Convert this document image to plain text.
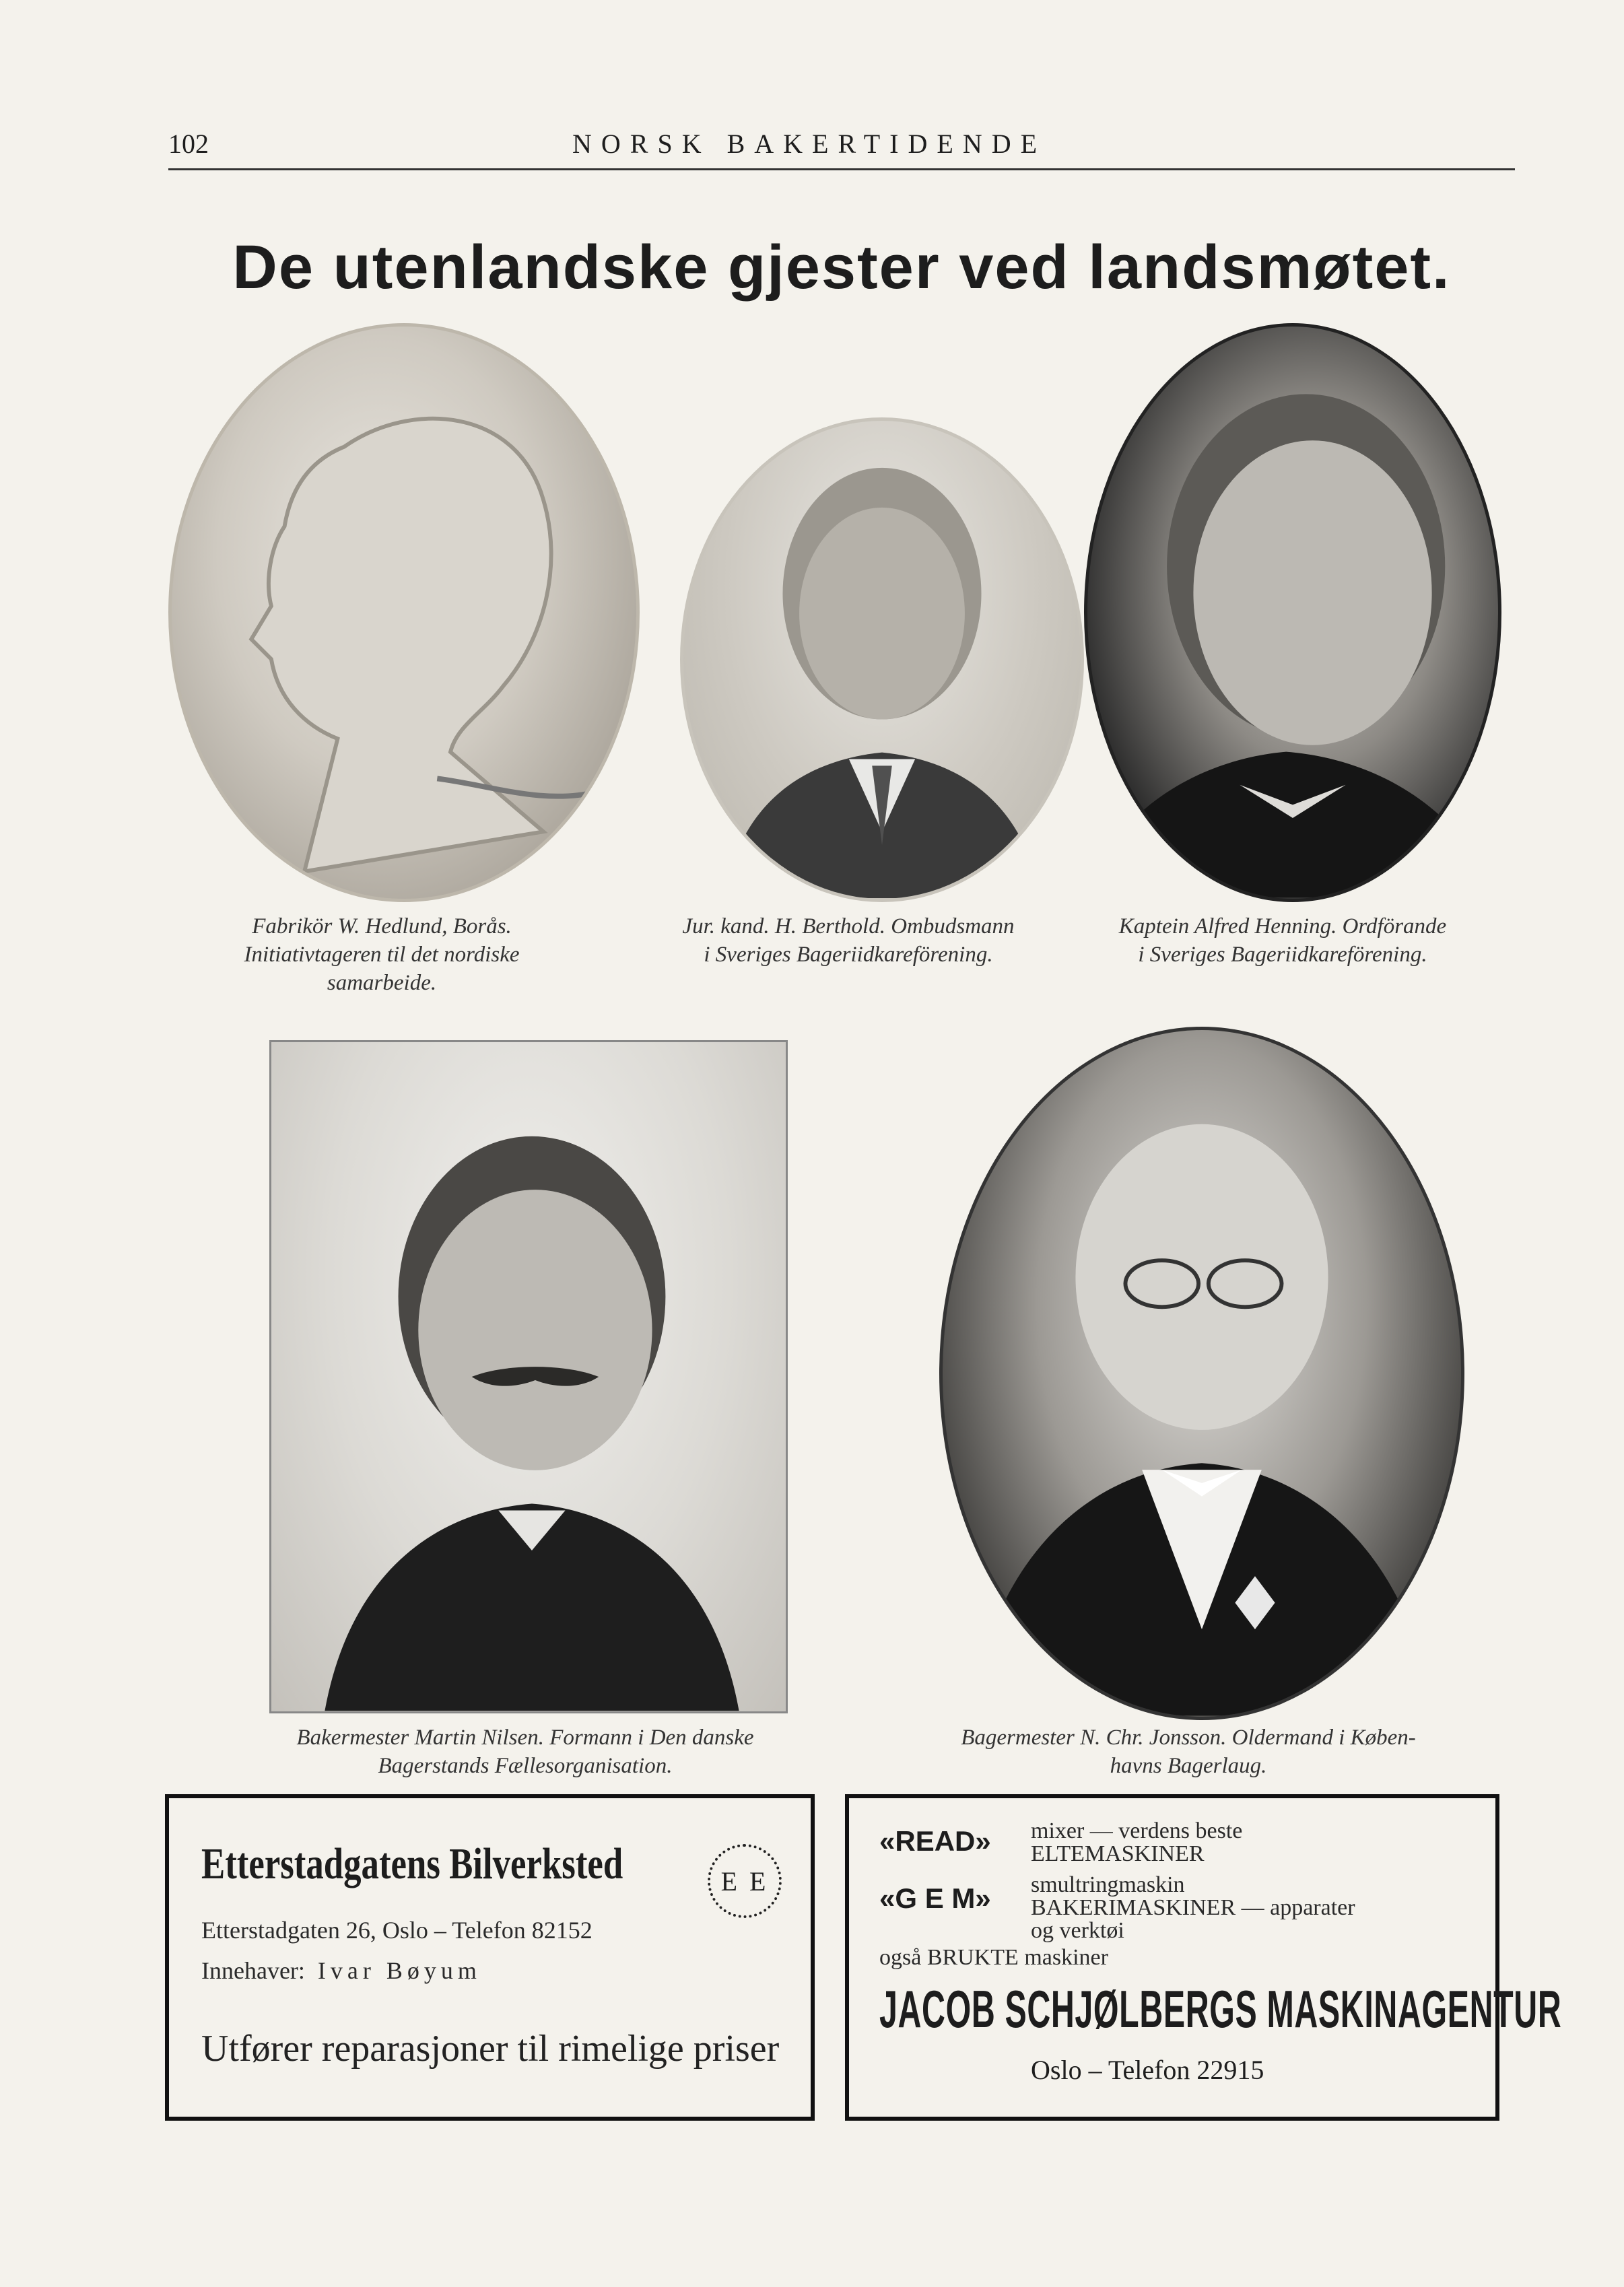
102	NORSK BAKERTIDENDE
De utenlandske gjester ved landsmøtet.
Fabrikör W. Hedlund, Borås.
Initiativtageren til det nordiske
samarbeide.
Jur. kand. H. Berthold. Ombudsmann
i Sveriges Bageriidkareförening.
Kaptein Alfred Henning. Ordförande
i Sveriges Bageriidkareförening.
Bakermester Martin Nilsen. Formann i Den danske
Bagerstands Fællesorganisation.
Bagermester N. Chr. Jonsson. Oldermand i Køben-
havns Bagerlaug.
Etterstadgatens Bilverksted	E E
Etterstadgaten 26, Oslo – Telefon 82152
Innehaver: Ivar Bøyum
Utfører reparasjoner til rimelige priser
«READ» mixer — verdens beste
ELTEMASKINER
«G E M» smultringmaskin
BAKERIMASKINER — apparater
og verktøi
også BRUKTE maskiner
JACOB SCHJØLBERGS MASKINAGENTUR
Oslo – Telefon 22915
